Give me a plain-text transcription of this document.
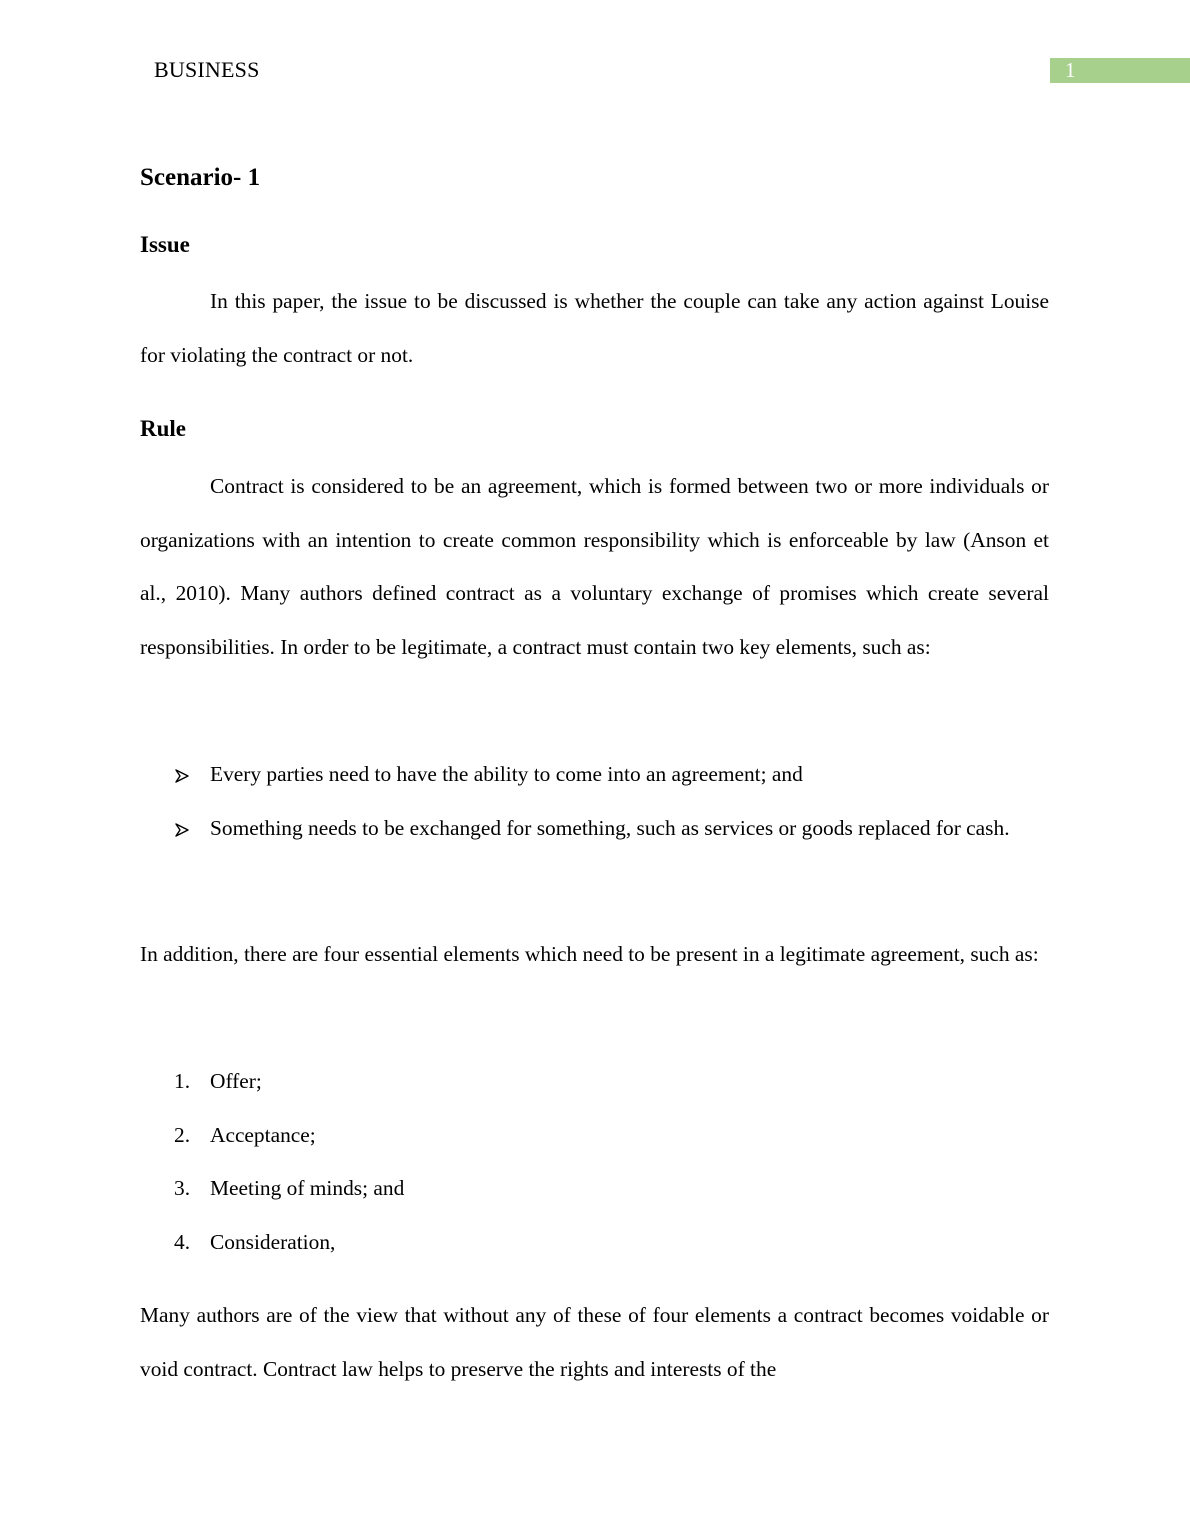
BUSINESS	1
Scenario- 1
Issue

In this paper, the issue to be discussed is whether the couple can take any action against Louise for violating the contract or not.

Rule

Contract is considered to be an agreement, which is formed between two or more individuals or organizations with an intention to create common responsibility which is enforceable by law (Anson et al., 2010). Many authors defined contract as a voluntary exchange of promises which create several responsibilities. In order to be legitimate, a contract must contain two key elements, such as:

Every parties need to have the ability to come into an agreement; and
Something needs to be exchanged for something, such as services or goods replaced for cash.

In addition, there are four essential elements which need to be present in a legitimate agreement, such as:

1. Offer;
2. Acceptance;
3. Meeting of minds; and
4. Consideration,

Many authors are of the view that without any of these of four elements a contract becomes voidable or void contract. Contract law helps to preserve the rights and interests of the
